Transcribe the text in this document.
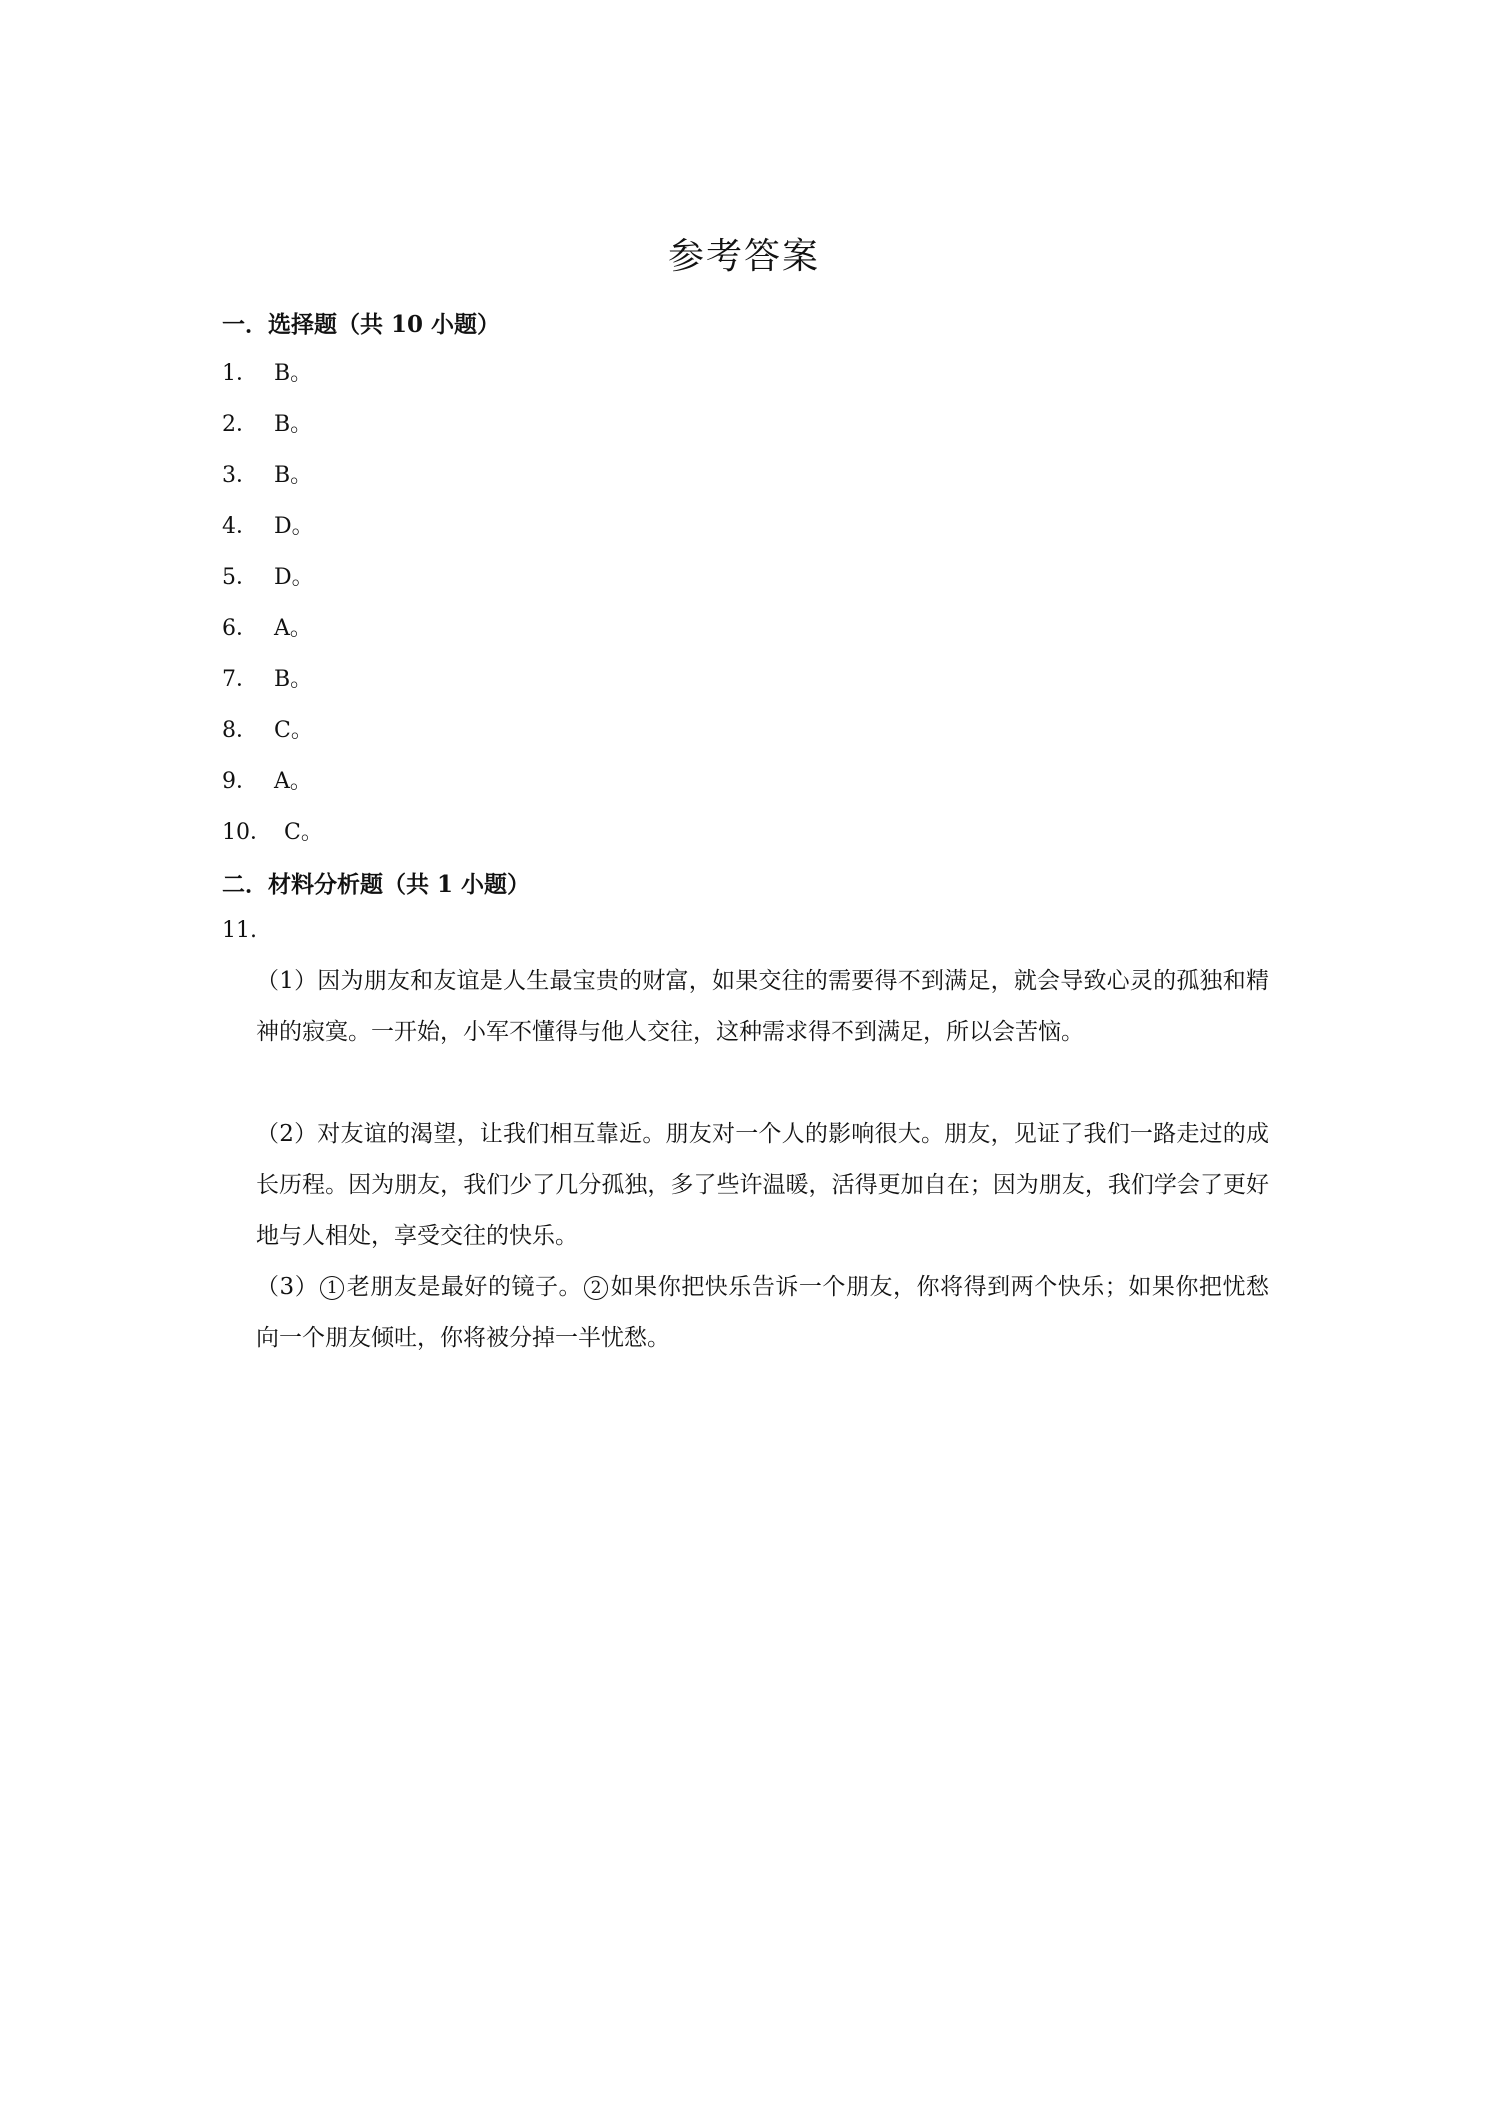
参考答案
一．选择题（共 10 小题）
1． B。
2． B。
3． B。
4． D。
5． D。
6． A。
7． B。
8． C。
9． A。
10． C。
二．材料分析题（共 1 小题）
11.
（1）因为朋友和友谊是人生最宝贵的财富，如果交往的需要得不到满足，就会导致心灵的孤独和精神的寂寞。一开始，小军不懂得与他人交往，这种需求得不到满足，所以会苦恼。
（2）对友谊的渴望，让我们相互靠近。朋友对一个人的影响很大。朋友，见证了我们一路走过的成长历程。因为朋友，我们少了几分孤独，多了些许温暖，活得更加自在；因为朋友，我们学会了更好地与人相处，享受交往的快乐。
（3） 1 老朋友是最好的镜子。 2 如果你把快乐告诉一个朋友，你将得到两个快乐；如果你把忧愁向一个朋友倾吐，你将被分掉一半忧愁。
